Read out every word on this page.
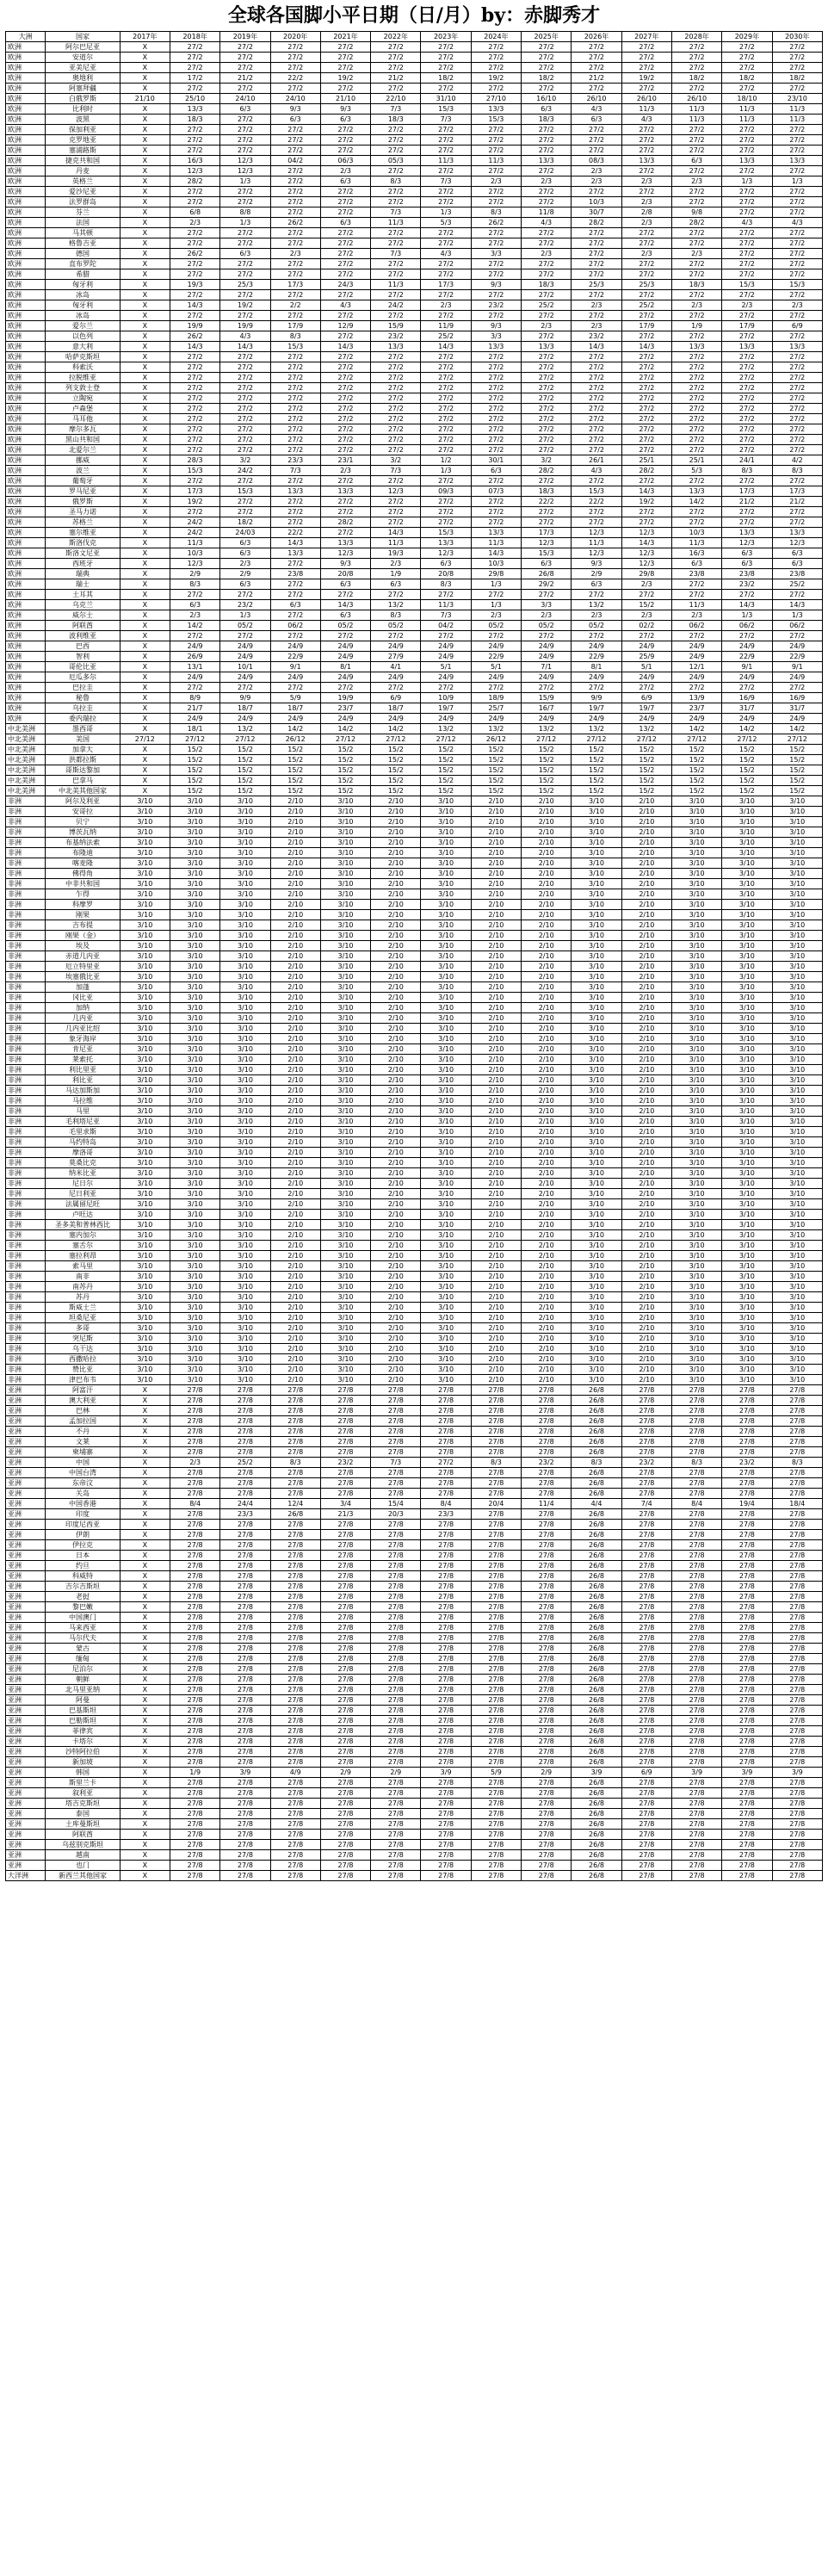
全球各国脚小平日期（日/月）by：赤脚秀才
大洲	国家	2017年	2018年	2019年	2020年	2021年	2022年	2023年	2024年	2025年	2026年	2027年	2028年	2029年	2030年
欧洲	阿尔巴尼亚	X	27/2	27/2	27/2	27/2	27/2	27/2	27/2	27/2	27/2	27/2	27/2	27/2	27/2
欧洲	安道尔	X	27/2	27/2	27/2	27/2	27/2	27/2	27/2	27/2	27/2	27/2	27/2	27/2	27/2
欧洲	亚美尼亚	X	27/2	27/2	27/2	27/2	27/2	27/2	27/2	27/2	27/2	27/2	27/2	27/2	27/2
欧洲	奥地利	X	17/2	21/2	22/2	19/2	21/2	18/2	19/2	18/2	21/2	19/2	18/2	18/2	18/2
欧洲	阿塞拜疆	X	27/2	27/2	27/2	27/2	27/2	27/2	27/2	27/2	27/2	27/2	27/2	27/2	27/2
欧洲	白俄罗斯	21/10	25/10	24/10	24/10	21/10	22/10	31/10	27/10	16/10	26/10	26/10	26/10	18/10	23/10
欧洲	比利时	X	13/3	6/3	9/3	9/3	7/3	15/3	13/3	6/3	4/3	11/3	11/3	11/3	11/3
欧洲	波黑	X	18/3	27/2	6/3	6/3	18/3	7/3	15/3	18/3	6/3	4/3	11/3	11/3	11/3
欧洲	保加利亚	X	27/2	27/2	27/2	27/2	27/2	27/2	27/2	27/2	27/2	27/2	27/2	27/2	27/2
欧洲	克罗地亚	X	27/2	27/2	27/2	27/2	27/2	27/2	27/2	27/2	27/2	27/2	27/2	27/2	27/2
欧洲	塞浦路斯	X	27/2	27/2	27/2	27/2	27/2	27/2	27/2	27/2	27/2	27/2	27/2	27/2	27/2
欧洲	捷克共和国	X	16/3	12/3	04/2	06/3	05/3	11/3	11/3	13/3	08/3	13/3	6/3	13/3	13/3
欧洲	丹麦	X	12/3	12/3	27/2	2/3	27/2	27/2	27/2	27/2	2/3	27/2	27/2	27/2	27/2
欧洲	英格兰	X	28/2	1/3	27/2	6/3	8/3	7/3	2/3	2/3	2/3	2/3	2/3	1/3	1/3
欧洲	爱沙尼亚	X	27/2	27/2	27/2	27/2	27/2	27/2	27/2	27/2	27/2	27/2	27/2	27/2	27/2
欧洲	法罗群岛	X	27/2	27/2	27/2	27/2	27/2	27/2	27/2	27/2	10/3	2/3	27/2	27/2	27/2
欧洲	芬兰	X	6/8	8/8	27/2	27/2	7/3	1/3	8/3	11/8	30/7	2/8	9/8	27/2	27/2
欧洲	法国	X	2/3	1/3	26/2	6/3	11/3	5/3	26/2	4/3	28/2	2/3	28/2	4/3	4/3
欧洲	马其顿	X	27/2	27/2	27/2	27/2	27/2	27/2	27/2	27/2	27/2	27/2	27/2	27/2	27/2
欧洲	格鲁吉亚	X	27/2	27/2	27/2	27/2	27/2	27/2	27/2	27/2	27/2	27/2	27/2	27/2	27/2
欧洲	德国	X	26/2	6/3	2/3	27/2	7/3	4/3	3/3	2/3	27/2	2/3	2/3	27/2	27/2
欧洲	直布罗陀	X	27/2	27/2	27/2	27/2	27/2	27/2	27/2	27/2	27/2	27/2	27/2	27/2	27/2
欧洲	希腊	X	27/2	27/2	27/2	27/2	27/2	27/2	27/2	27/2	27/2	27/2	27/2	27/2	27/2
欧洲	匈牙利	X	19/3	25/3	17/3	24/3	11/3	17/3	9/3	18/3	25/3	25/3	18/3	15/3	15/3
欧洲	冰岛	X	27/2	27/2	27/2	27/2	27/2	27/2	27/2	27/2	27/2	27/2	27/2	27/2	27/2
欧洲	匈牙利	X	14/3	19/2	2/2	4/3	24/2	2/3	23/2	25/2	2/3	25/2	2/3	2/3	2/3
欧洲	冰岛	X	27/2	27/2	27/2	27/2	27/2	27/2	27/2	27/2	27/2	27/2	27/2	27/2	27/2
欧洲	爱尔兰	X	19/9	19/9	17/9	12/9	15/9	11/9	9/3	2/3	2/3	17/9	1/9	17/9	6/9
欧洲	以色列	X	26/2	4/3	8/3	27/2	23/2	25/2	3/3	27/2	23/2	27/2	27/2	27/2	27/2
欧洲	意大利	X	14/3	14/3	15/3	14/3	13/3	14/3	13/3	13/3	14/3	14/3	13/3	13/3	13/3
欧洲	哈萨克斯坦	X	27/2	27/2	27/2	27/2	27/2	27/2	27/2	27/2	27/2	27/2	27/2	27/2	27/2
欧洲	科索沃	X	27/2	27/2	27/2	27/2	27/2	27/2	27/2	27/2	27/2	27/2	27/2	27/2	27/2
欧洲	拉脱维亚	X	27/2	27/2	27/2	27/2	27/2	27/2	27/2	27/2	27/2	27/2	27/2	27/2	27/2
欧洲	列支敦士登	X	27/2	27/2	27/2	27/2	27/2	27/2	27/2	27/2	27/2	27/2	27/2	27/2	27/2
欧洲	立陶宛	X	27/2	27/2	27/2	27/2	27/2	27/2	27/2	27/2	27/2	27/2	27/2	27/2	27/2
欧洲	卢森堡	X	27/2	27/2	27/2	27/2	27/2	27/2	27/2	27/2	27/2	27/2	27/2	27/2	27/2
欧洲	马耳他	X	27/2	27/2	27/2	27/2	27/2	27/2	27/2	27/2	27/2	27/2	27/2	27/2	27/2
欧洲	摩尔多瓦	X	27/2	27/2	27/2	27/2	27/2	27/2	27/2	27/2	27/2	27/2	27/2	27/2	27/2
欧洲	黑山共和国	X	27/2	27/2	27/2	27/2	27/2	27/2	27/2	27/2	27/2	27/2	27/2	27/2	27/2
欧洲	北爱尔兰	X	27/2	27/2	27/2	27/2	27/2	27/2	27/2	27/2	27/2	27/2	27/2	27/2	27/2
欧洲	挪威	X	28/3	3/2	23/3	23/1	3/2	1/2	30/1	3/2	26/1	25/1	25/1	24/1	4/2
欧洲	波兰	X	15/3	24/2	7/3	2/3	7/3	1/3	6/3	28/2	4/3	28/2	5/3	8/3	8/3
欧洲	葡萄牙	X	27/2	27/2	27/2	27/2	27/2	27/2	27/2	27/2	27/2	27/2	27/2	27/2	27/2
欧洲	罗马尼亚	X	17/3	15/3	13/3	13/3	12/3	09/3	07/3	18/3	15/3	14/3	13/3	17/3	17/3
欧洲	俄罗斯	X	19/2	27/2	27/2	27/2	27/2	27/2	27/2	22/2	22/2	19/2	14/2	21/2	21/2
欧洲	圣马力诺	X	27/2	27/2	27/2	27/2	27/2	27/2	27/2	27/2	27/2	27/2	27/2	27/2	27/2
欧洲	苏格兰	X	24/2	18/2	27/2	28/2	27/2	27/2	27/2	27/2	27/2	27/2	27/2	27/2	27/2
欧洲	塞尔维亚	X	24/2	24/03	22/2	27/2	14/3	15/3	13/3	17/3	12/3	12/3	10/3	13/3	13/3
欧洲	斯洛伐克	X	11/3	6/3	14/3	13/3	11/3	13/3	11/3	12/3	11/3	14/3	11/3	12/3	12/3
欧洲	斯洛文尼亚	X	10/3	6/3	13/3	12/3	19/3	12/3	14/3	15/3	12/3	12/3	16/3	6/3	6/3
欧洲	西班牙	X	12/3	2/3	27/2	9/3	2/3	6/3	10/3	6/3	9/3	12/3	6/3	6/3	6/3
欧洲	瑞典	X	2/9	2/9	23/8	20/8	1/9	20/8	29/8	26/8	2/9	29/8	23/8	23/8	23/8
欧洲	瑞士	X	8/3	6/3	27/2	6/3	6/3	8/3	1/3	29/2	6/3	2/3	27/2	23/2	25/2
欧洲	土耳其	X	27/2	27/2	27/2	27/2	27/2	27/2	27/2	27/2	27/2	27/2	27/2	27/2	27/2
欧洲	乌克兰	X	6/3	23/2	6/3	14/3	13/2	11/3	1/3	3/3	13/2	15/2	11/3	14/3	14/3
欧洲	威尔士	X	2/3	1/3	27/2	6/3	8/3	7/3	2/3	2/3	2/3	2/3	2/3	1/3	1/3
欧洲	阿联酋	X	14/2	05/2	06/2	05/2	05/2	04/2	05/2	05/2	05/2	02/2	06/2	06/2	06/2
欧洲	波利维亚	X	27/2	27/2	27/2	27/2	27/2	27/2	27/2	27/2	27/2	27/2	27/2	27/2	27/2
欧洲	巴西	X	24/9	24/9	24/9	24/9	24/9	24/9	24/9	24/9	24/9	24/9	24/9	24/9	24/9
欧洲	智利	X	26/9	24/9	22/9	24/9	27/9	24/9	22/9	24/9	22/9	25/9	24/9	22/9	22/9
欧洲	哥伦比亚	X	13/1	10/1	9/1	8/1	4/1	5/1	5/1	7/1	8/1	5/1	12/1	9/1	9/1
欧洲	厄瓜多尔	X	24/9	24/9	24/9	24/9	24/9	24/9	24/9	24/9	24/9	24/9	24/9	24/9	24/9
欧洲	巴拉圭	X	27/2	27/2	27/2	27/2	27/2	27/2	27/2	27/2	27/2	27/2	27/2	27/2	27/2
欧洲	秘鲁	X	8/9	9/9	5/9	19/9	6/9	10/9	18/9	15/9	9/9	6/9	13/9	16/9	16/9
欧洲	乌拉圭	X	21/7	18/7	18/7	23/7	18/7	19/7	25/7	16/7	19/7	19/7	23/7	31/7	31/7
欧洲	委内瑞拉	X	24/9	24/9	24/9	24/9	24/9	24/9	24/9	24/9	24/9	24/9	24/9	24/9	24/9
中北美洲	墨西哥	X	18/1	13/2	14/2	14/2	14/2	13/2	13/2	13/2	13/2	13/2	14/2	14/2	14/2
中北美洲	美国	27/12	27/12	27/12	26/12	27/12	27/12	27/12	26/12	27/12	27/12	27/12	27/12	27/12	27/12
中北美洲	加拿大	X	15/2	15/2	15/2	15/2	15/2	15/2	15/2	15/2	15/2	15/2	15/2	15/2	15/2
中北美洲	洪都拉斯	X	15/2	15/2	15/2	15/2	15/2	15/2	15/2	15/2	15/2	15/2	15/2	15/2	15/2
中北美洲	哥斯达黎加	X	15/2	15/2	15/2	15/2	15/2	15/2	15/2	15/2	15/2	15/2	15/2	15/2	15/2
中北美洲	巴拿马	X	15/2	15/2	15/2	15/2	15/2	15/2	15/2	15/2	15/2	15/2	15/2	15/2	15/2
中北美洲	中北美其他国家	X	15/2	15/2	15/2	15/2	15/2	15/2	15/2	15/2	15/2	15/2	15/2	15/2	15/2
非洲	阿尔及利亚	3/10	3/10	3/10	2/10	3/10	2/10	3/10	2/10	2/10	3/10	2/10	3/10	3/10	3/10
非洲	安哥拉	3/10	3/10	3/10	2/10	3/10	2/10	3/10	2/10	2/10	3/10	2/10	3/10	3/10	3/10
非洲	贝宁	3/10	3/10	3/10	2/10	3/10	2/10	3/10	2/10	2/10	3/10	2/10	3/10	3/10	3/10
非洲	博茨瓦纳	3/10	3/10	3/10	2/10	3/10	2/10	3/10	2/10	2/10	3/10	2/10	3/10	3/10	3/10
非洲	布基纳法索	3/10	3/10	3/10	2/10	3/10	2/10	3/10	2/10	2/10	3/10	2/10	3/10	3/10	3/10
非洲	布隆迪	3/10	3/10	3/10	2/10	3/10	2/10	3/10	2/10	2/10	3/10	2/10	3/10	3/10	3/10
非洲	喀麦隆	3/10	3/10	3/10	2/10	3/10	2/10	3/10	2/10	2/10	3/10	2/10	3/10	3/10	3/10
非洲	佛得角	3/10	3/10	3/10	2/10	3/10	2/10	3/10	2/10	2/10	3/10	2/10	3/10	3/10	3/10
非洲	中非共和国	3/10	3/10	3/10	2/10	3/10	2/10	3/10	2/10	2/10	3/10	2/10	3/10	3/10	3/10
非洲	乍得	3/10	3/10	3/10	2/10	3/10	2/10	3/10	2/10	2/10	3/10	2/10	3/10	3/10	3/10
非洲	科摩罗	3/10	3/10	3/10	2/10	3/10	2/10	3/10	2/10	2/10	3/10	2/10	3/10	3/10	3/10
非洲	刚果	3/10	3/10	3/10	2/10	3/10	2/10	3/10	2/10	2/10	3/10	2/10	3/10	3/10	3/10
非洲	吉布提	3/10	3/10	3/10	2/10	3/10	2/10	3/10	2/10	2/10	3/10	2/10	3/10	3/10	3/10
非洲	刚果（金）	3/10	3/10	3/10	2/10	3/10	2/10	3/10	2/10	2/10	3/10	2/10	3/10	3/10	3/10
非洲	埃及	3/10	3/10	3/10	2/10	3/10	2/10	3/10	2/10	2/10	3/10	2/10	3/10	3/10	3/10
非洲	赤道几内亚	3/10	3/10	3/10	2/10	3/10	2/10	3/10	2/10	2/10	3/10	2/10	3/10	3/10	3/10
非洲	厄立特里亚	3/10	3/10	3/10	2/10	3/10	2/10	3/10	2/10	2/10	3/10	2/10	3/10	3/10	3/10
非洲	埃塞俄比亚	3/10	3/10	3/10	2/10	3/10	2/10	3/10	2/10	2/10	3/10	2/10	3/10	3/10	3/10
非洲	加蓬	3/10	3/10	3/10	2/10	3/10	2/10	3/10	2/10	2/10	3/10	2/10	3/10	3/10	3/10
非洲	冈比亚	3/10	3/10	3/10	2/10	3/10	2/10	3/10	2/10	2/10	3/10	2/10	3/10	3/10	3/10
非洲	加纳	3/10	3/10	3/10	2/10	3/10	2/10	3/10	2/10	2/10	3/10	2/10	3/10	3/10	3/10
非洲	几内亚	3/10	3/10	3/10	2/10	3/10	2/10	3/10	2/10	2/10	3/10	2/10	3/10	3/10	3/10
非洲	几内亚比绍	3/10	3/10	3/10	2/10	3/10	2/10	3/10	2/10	2/10	3/10	2/10	3/10	3/10	3/10
非洲	象牙海岸	3/10	3/10	3/10	2/10	3/10	2/10	3/10	2/10	2/10	3/10	2/10	3/10	3/10	3/10
非洲	肯尼亚	3/10	3/10	3/10	2/10	3/10	2/10	3/10	2/10	2/10	3/10	2/10	3/10	3/10	3/10
非洲	莱索托	3/10	3/10	3/10	2/10	3/10	2/10	3/10	2/10	2/10	3/10	2/10	3/10	3/10	3/10
非洲	利比里亚	3/10	3/10	3/10	2/10	3/10	2/10	3/10	2/10	2/10	3/10	2/10	3/10	3/10	3/10
非洲	利比亚	3/10	3/10	3/10	2/10	3/10	2/10	3/10	2/10	2/10	3/10	2/10	3/10	3/10	3/10
非洲	马达加斯加	3/10	3/10	3/10	2/10	3/10	2/10	3/10	2/10	2/10	3/10	2/10	3/10	3/10	3/10
非洲	马拉维	3/10	3/10	3/10	2/10	3/10	2/10	3/10	2/10	2/10	3/10	2/10	3/10	3/10	3/10
非洲	马里	3/10	3/10	3/10	2/10	3/10	2/10	3/10	2/10	2/10	3/10	2/10	3/10	3/10	3/10
非洲	毛利塔尼亚	3/10	3/10	3/10	2/10	3/10	2/10	3/10	2/10	2/10	3/10	2/10	3/10	3/10	3/10
非洲	毛里求斯	3/10	3/10	3/10	2/10	3/10	2/10	3/10	2/10	2/10	3/10	2/10	3/10	3/10	3/10
非洲	马约特岛	3/10	3/10	3/10	2/10	3/10	2/10	3/10	2/10	2/10	3/10	2/10	3/10	3/10	3/10
非洲	摩洛哥	3/10	3/10	3/10	2/10	3/10	2/10	3/10	2/10	2/10	3/10	2/10	3/10	3/10	3/10
非洲	莫桑比克	3/10	3/10	3/10	2/10	3/10	2/10	3/10	2/10	2/10	3/10	2/10	3/10	3/10	3/10
非洲	纳米比亚	3/10	3/10	3/10	2/10	3/10	2/10	3/10	2/10	2/10	3/10	2/10	3/10	3/10	3/10
非洲	尼日尔	3/10	3/10	3/10	2/10	3/10	2/10	3/10	2/10	2/10	3/10	2/10	3/10	3/10	3/10
非洲	尼日利亚	3/10	3/10	3/10	2/10	3/10	2/10	3/10	2/10	2/10	3/10	2/10	3/10	3/10	3/10
非洲	法属留尼旺	3/10	3/10	3/10	2/10	3/10	2/10	3/10	2/10	2/10	3/10	2/10	3/10	3/10	3/10
非洲	卢旺达	3/10	3/10	3/10	2/10	3/10	2/10	3/10	2/10	2/10	3/10	2/10	3/10	3/10	3/10
非洲	圣多美和普林西比	3/10	3/10	3/10	2/10	3/10	2/10	3/10	2/10	2/10	3/10	2/10	3/10	3/10	3/10
非洲	塞内加尔	3/10	3/10	3/10	2/10	3/10	2/10	3/10	2/10	2/10	3/10	2/10	3/10	3/10	3/10
非洲	塞舌尔	3/10	3/10	3/10	2/10	3/10	2/10	3/10	2/10	2/10	3/10	2/10	3/10	3/10	3/10
非洲	塞拉利昂	3/10	3/10	3/10	2/10	3/10	2/10	3/10	2/10	2/10	3/10	2/10	3/10	3/10	3/10
非洲	索马里	3/10	3/10	3/10	2/10	3/10	2/10	3/10	2/10	2/10	3/10	2/10	3/10	3/10	3/10
非洲	南非	3/10	3/10	3/10	2/10	3/10	2/10	3/10	2/10	2/10	3/10	2/10	3/10	3/10	3/10
非洲	南苏丹	3/10	3/10	3/10	2/10	3/10	2/10	3/10	2/10	2/10	3/10	2/10	3/10	3/10	3/10
非洲	苏丹	3/10	3/10	3/10	2/10	3/10	2/10	3/10	2/10	2/10	3/10	2/10	3/10	3/10	3/10
非洲	斯威士兰	3/10	3/10	3/10	2/10	3/10	2/10	3/10	2/10	2/10	3/10	2/10	3/10	3/10	3/10
非洲	坦桑尼亚	3/10	3/10	3/10	2/10	3/10	2/10	3/10	2/10	2/10	3/10	2/10	3/10	3/10	3/10
非洲	多哥	3/10	3/10	3/10	2/10	3/10	2/10	3/10	2/10	2/10	3/10	2/10	3/10	3/10	3/10
非洲	突尼斯	3/10	3/10	3/10	2/10	3/10	2/10	3/10	2/10	2/10	3/10	2/10	3/10	3/10	3/10
非洲	乌干达	3/10	3/10	3/10	2/10	3/10	2/10	3/10	2/10	2/10	3/10	2/10	3/10	3/10	3/10
非洲	西撒哈拉	3/10	3/10	3/10	2/10	3/10	2/10	3/10	2/10	2/10	3/10	2/10	3/10	3/10	3/10
非洲	赞比亚	3/10	3/10	3/10	2/10	3/10	2/10	3/10	2/10	2/10	3/10	2/10	3/10	3/10	3/10
非洲	津巴布韦	3/10	3/10	3/10	2/10	3/10	2/10	3/10	2/10	2/10	3/10	2/10	3/10	3/10	3/10
亚洲	阿富汗	X	27/8	27/8	27/8	27/8	27/8	27/8	27/8	27/8	26/8	27/8	27/8	27/8	27/8
亚洲	澳大利亚	X	27/8	27/8	27/8	27/8	27/8	27/8	27/8	27/8	26/8	27/8	27/8	27/8	27/8
亚洲	巴林	X	27/8	27/8	27/8	27/8	27/8	27/8	27/8	27/8	26/8	27/8	27/8	27/8	27/8
亚洲	孟加拉国	X	27/8	27/8	27/8	27/8	27/8	27/8	27/8	27/8	26/8	27/8	27/8	27/8	27/8
亚洲	不丹	X	27/8	27/8	27/8	27/8	27/8	27/8	27/8	27/8	26/8	27/8	27/8	27/8	27/8
亚洲	文莱	X	27/8	27/8	27/8	27/8	27/8	27/8	27/8	27/8	26/8	27/8	27/8	27/8	27/8
亚洲	柬埔寨	X	27/8	27/8	27/8	27/8	27/8	27/8	27/8	27/8	26/8	27/8	27/8	27/8	27/8
亚洲	中国	X	2/3	25/2	8/3	23/2	7/3	27/2	8/3	23/2	8/3	23/2	8/3	23/2	8/3
亚洲	中国台湾	X	27/8	27/8	27/8	27/8	27/8	27/8	27/8	27/8	26/8	27/8	27/8	27/8	27/8
亚洲	东帝汶	X	27/8	27/8	27/8	27/8	27/8	27/8	27/8	27/8	26/8	27/8	27/8	27/8	27/8
亚洲	关岛	X	27/8	27/8	27/8	27/8	27/8	27/8	27/8	27/8	26/8	27/8	27/8	27/8	27/8
亚洲	中国香港	X	8/4	24/4	12/4	3/4	15/4	8/4	20/4	11/4	4/4	7/4	8/4	19/4	18/4
亚洲	印度	X	27/8	23/3	26/8	21/3	20/3	23/3	27/8	27/8	26/8	27/8	27/8	27/8	27/8
亚洲	印度尼西亚	X	27/8	27/8	27/8	27/8	27/8	27/8	27/8	27/8	26/8	27/8	27/8	27/8	27/8
亚洲	伊朗	X	27/8	27/8	27/8	27/8	27/8	27/8	27/8	27/8	26/8	27/8	27/8	27/8	27/8
亚洲	伊拉克	X	27/8	27/8	27/8	27/8	27/8	27/8	27/8	27/8	26/8	27/8	27/8	27/8	27/8
亚洲	日本	X	27/8	27/8	27/8	27/8	27/8	27/8	27/8	27/8	26/8	27/8	27/8	27/8	27/8
亚洲	约旦	X	27/8	27/8	27/8	27/8	27/8	27/8	27/8	27/8	26/8	27/8	27/8	27/8	27/8
亚洲	科威特	X	27/8	27/8	27/8	27/8	27/8	27/8	27/8	27/8	26/8	27/8	27/8	27/8	27/8
亚洲	吉尔吉斯坦	X	27/8	27/8	27/8	27/8	27/8	27/8	27/8	27/8	26/8	27/8	27/8	27/8	27/8
亚洲	老挝	X	27/8	27/8	27/8	27/8	27/8	27/8	27/8	27/8	26/8	27/8	27/8	27/8	27/8
亚洲	黎巴嫩	X	27/8	27/8	27/8	27/8	27/8	27/8	27/8	27/8	26/8	27/8	27/8	27/8	27/8
亚洲	中国澳门	X	27/8	27/8	27/8	27/8	27/8	27/8	27/8	27/8	26/8	27/8	27/8	27/8	27/8
亚洲	马来西亚	X	27/8	27/8	27/8	27/8	27/8	27/8	27/8	27/8	26/8	27/8	27/8	27/8	27/8
亚洲	马尔代夫	X	27/8	27/8	27/8	27/8	27/8	27/8	27/8	27/8	26/8	27/8	27/8	27/8	27/8
亚洲	蒙古	X	27/8	27/8	27/8	27/8	27/8	27/8	27/8	27/8	26/8	27/8	27/8	27/8	27/8
亚洲	缅甸	X	27/8	27/8	27/8	27/8	27/8	27/8	27/8	27/8	26/8	27/8	27/8	27/8	27/8
亚洲	尼泊尔	X	27/8	27/8	27/8	27/8	27/8	27/8	27/8	27/8	26/8	27/8	27/8	27/8	27/8
亚洲	朝鲜	X	27/8	27/8	27/8	27/8	27/8	27/8	27/8	27/8	26/8	27/8	27/8	27/8	27/8
亚洲	北马里亚纳	X	27/8	27/8	27/8	27/8	27/8	27/8	27/8	27/8	26/8	27/8	27/8	27/8	27/8
亚洲	阿曼	X	27/8	27/8	27/8	27/8	27/8	27/8	27/8	27/8	26/8	27/8	27/8	27/8	27/8
亚洲	巴基斯坦	X	27/8	27/8	27/8	27/8	27/8	27/8	27/8	27/8	26/8	27/8	27/8	27/8	27/8
亚洲	巴勒斯坦	X	27/8	27/8	27/8	27/8	27/8	27/8	27/8	27/8	26/8	27/8	27/8	27/8	27/8
亚洲	菲律宾	X	27/8	27/8	27/8	27/8	27/8	27/8	27/8	27/8	26/8	27/8	27/8	27/8	27/8
亚洲	卡塔尔	X	27/8	27/8	27/8	27/8	27/8	27/8	27/8	27/8	26/8	27/8	27/8	27/8	27/8
亚洲	沙特阿拉伯	X	27/8	27/8	27/8	27/8	27/8	27/8	27/8	27/8	26/8	27/8	27/8	27/8	27/8
亚洲	新加坡	X	27/8	27/8	27/8	27/8	27/8	27/8	27/8	27/8	26/8	27/8	27/8	27/8	27/8
亚洲	韩国	X	1/9	3/9	4/9	2/9	2/9	3/9	5/9	2/9	3/9	6/9	3/9	3/9	3/9
亚洲	斯里兰卡	X	27/8	27/8	27/8	27/8	27/8	27/8	27/8	27/8	26/8	27/8	27/8	27/8	27/8
亚洲	叙利亚	X	27/8	27/8	27/8	27/8	27/8	27/8	27/8	27/8	26/8	27/8	27/8	27/8	27/8
亚洲	塔吉克斯坦	X	27/8	27/8	27/8	27/8	27/8	27/8	27/8	27/8	26/8	27/8	27/8	27/8	27/8
亚洲	泰国	X	27/8	27/8	27/8	27/8	27/8	27/8	27/8	27/8	26/8	27/8	27/8	27/8	27/8
亚洲	土库曼斯坦	X	27/8	27/8	27/8	27/8	27/8	27/8	27/8	27/8	26/8	27/8	27/8	27/8	27/8
亚洲	阿联酋	X	27/8	27/8	27/8	27/8	27/8	27/8	27/8	27/8	26/8	27/8	27/8	27/8	27/8
亚洲	乌兹别克斯坦	X	27/8	27/8	27/8	27/8	27/8	27/8	27/8	27/8	26/8	27/8	27/8	27/8	27/8
亚洲	越南	X	27/8	27/8	27/8	27/8	27/8	27/8	27/8	27/8	26/8	27/8	27/8	27/8	27/8
亚洲	也门	X	27/8	27/8	27/8	27/8	27/8	27/8	27/8	27/8	26/8	27/8	27/8	27/8	27/8
大洋洲	新西兰其他国家	X	27/8	27/8	27/8	27/8	27/8	27/8	27/8	27/8	26/8	27/8	27/8	27/8	27/8
